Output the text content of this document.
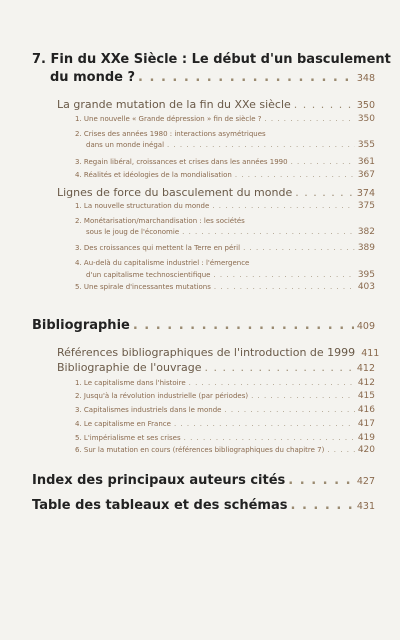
7. Fin du XXe Siècle : Le début d'un basculement
du monde ? . . .	348
La grande mutation de la fin du XXe siècle . . .	350
1. Une nouvelle « Grande dépression » fin de siècle ? . . .	350
2. Crises des années 1980 : interactions asymétriques
dans un monde inégal . . .	355
3. Regain libéral, croissances et crises dans les années 1990 . . .	361
4. Réalités et idéologies de la mondialisation . . .	367
Lignes de force du basculement du monde . . .	374
1. La nouvelle structuration du monde . . .	375
2. Monétarisation/marchandisation : les sociétés
sous le joug de l'économie . . .	382
3. Des croissances qui mettent la Terre en péril . . .	389
4. Au-delà du capitalisme industriel : l'émergence
d'un capitalisme technoscientifique . . .	395
5. Une spirale d'incessantes mutations . . .	403
Bibliographie . . .	409
Références bibliographiques de l'introduction de 1999 411
Bibliographie de l'ouvrage . . .	412
1. Le capitalisme dans l'histoire . . .	412
2. Jusqu'à la révolution industrielle (par périodes) . . .	415
3. Capitalismes industriels dans le monde . . .	416
4. Le capitalisme en France . . .	417
5. L'impérialisme et ses crises . . .	419
6. Sur la mutation en cours (références bibliographiques du chapitre 7) . . .	420
Index des principaux auteurs cités . . .	427
Table des tableaux et des schémas . . .	431
